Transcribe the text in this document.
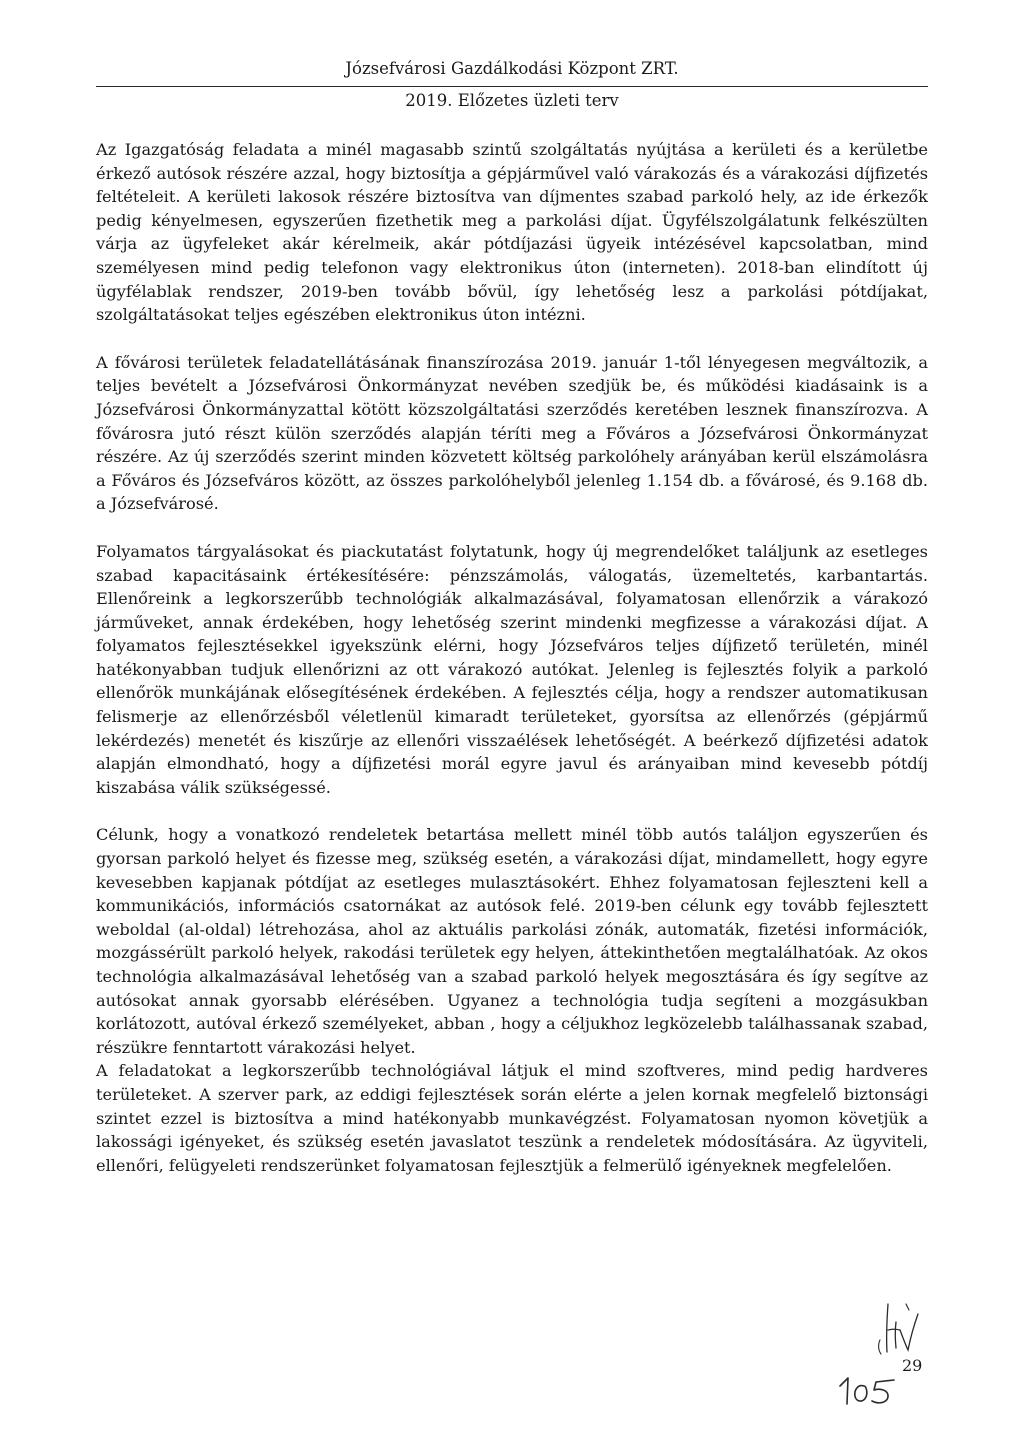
Józsefvárosi Gazdálkodási Központ ZRT.
2019. Előzetes üzleti terv

Az Igazgatóság feladata a minél magasabb szintű szolgáltatás nyújtása a kerületi és a kerületbe érkező autósok részére azzal, hogy biztosítja a gépjárművel való várakozás és a várakozási díjfizetés feltételeit. A kerületi lakosok részére biztosítva van díjmentes szabad parkoló hely, az ide érkezők pedig kényelmesen, egyszerűen fizethetik meg a parkolási díjat. Ügyfélszolgálatunk felkészülten várja az ügyfeleket akár kérelmeik, akár pótdíjazási ügyeik intézésével kapcsolatban, mind személyesen mind pedig telefonon vagy elektronikus úton (interneten). 2018-ban elindított új ügyfélablak rendszer, 2019-ben tovább bővül, így lehetőség lesz a parkolási pótdíjakat, szolgáltatásokat teljes egészében elektronikus úton intézni.

A fővárosi területek feladatellátásának finanszírozása 2019. január 1-től lényegesen megváltozik, a teljes bevételt a Józsefvárosi Önkormányzat nevében szedjük be, és működési kiadásaink is a Józsefvárosi Önkormányzattal kötött közszolgáltatási szerződés keretében lesznek finanszírozva. A fővárosra jutó részt külön szerződés alapján téríti meg a Főváros a Józsefvárosi Önkormányzat részére. Az új szerződés szerint minden közvetett költség parkolóhely arányában kerül elszámolásra a Főváros és Józsefváros között, az összes parkolóhelyből jelenleg 1.154 db. a fővárosé, és 9.168 db. a Józsefvárosé.

Folyamatos tárgyalásokat és piackutatást folytatunk, hogy új megrendelőket találjunk az esetleges szabad kapacitásaink értékesítésére: pénzszámolás, válogatás, üzemeltetés, karbantartás. Ellenőreink a legkorszerűbb technológiák alkalmazásával, folyamatosan ellenőrzik a várakozó járműveket, annak érdekében, hogy lehetőség szerint mindenki megfizesse a várakozási díjat. A folyamatos fejlesztésekkel igyekszünk elérni, hogy Józsefváros teljes díjfizető területén, minél hatékonyabban tudjuk ellenőrizni az ott várakozó autókat. Jelenleg is fejlesztés folyik a parkoló ellenőrök munkájának elősegítésének érdekében. A fejlesztés célja, hogy a rendszer automatikusan felismerje az ellenőrzésből véletlenül kimaradt területeket, gyorsítsa az ellenőrzés (gépjármű lekérdezés) menetét és kiszűrje az ellenőri visszaélések lehetőségét. A beérkező díjfizetési adatok alapján elmondható, hogy a díjfizetési morál egyre javul és arányaiban mind kevesebb pótdíj kiszabása válik szükségessé.

Célunk, hogy a vonatkozó rendeletek betartása mellett minél több autós találjon egyszerűen és gyorsan parkoló helyet és fizesse meg, szükség esetén, a várakozási díjat, mindamellett, hogy egyre kevesebben kapjanak pótdíjat az esetleges mulasztásokért. Ehhez folyamatosan fejleszteni kell a kommunikációs, információs csatornákat az autósok felé. 2019-ben célunk egy tovább fejlesztett weboldal (al-oldal) létrehozása, ahol az aktuális parkolási zónák, automaták, fizetési információk, mozgássérült parkoló helyek, rakodási területek egy helyen, áttekinthetően megtalálhatóak. Az okos technológia alkalmazásával lehetőség van a szabad parkoló helyek megosztására és így segítve az autósokat annak gyorsabb elérésében. Ugyanez a technológia tudja segíteni a mozgásukban korlátozott, autóval érkező személyeket, abban , hogy a céljukhoz legközelebb találhassanak szabad, részükre fenntartott várakozási helyet.

A feladatokat a legkorszerűbb technológiával látjuk el mind szoftveres, mind pedig hardveres területeket. A szerver park, az eddigi fejlesztések során elérte a jelen kornak megfelelő biztonsági szintet ezzel is biztosítva a mind hatékonyabb munkavégzést. Folyamatosan nyomon követjük a lakossági igényeket, és szükség esetén javaslatot teszünk a rendeletek módosítására. Az ügyviteli, ellenőri, felügyeleti rendszerünket folyamatosan fejlesztjük a felmerülő igényeknek megfelelően.

29
